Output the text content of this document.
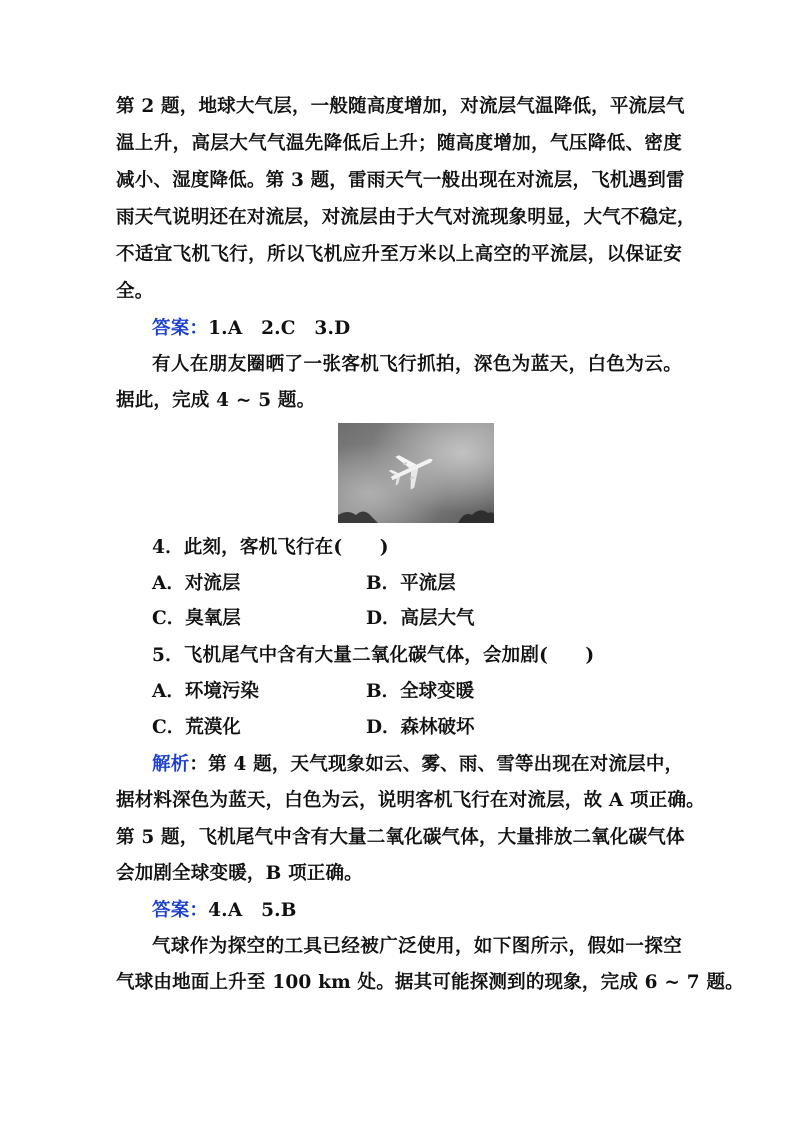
第 2 题，地球大气层，一般随高度增加，对流层气温降低，平流层气
温上升，高层大气气温先降低后上升；随高度增加，气压降低、密度
减小、湿度降低。第 3 题，雷雨天气一般出现在对流层，飞机遇到雷
雨天气说明还在对流层，对流层由于大气对流现象明显，大气不稳定，
不适宜飞机飞行，所以飞机应升至万米以上高空的平流层，以保证安
全。
答案：1.A　2.C　3.D
有人在朋友圈晒了一张客机飞行抓拍，深色为蓝天，白色为云。
据此，完成 4 ~ 5 题。
4．此刻，客机飞行在(　　)
A．对流层	B．平流层
C．臭氧层	D．高层大气
5．飞机尾气中含有大量二氧化碳气体，会加剧(　　)
A．环境污染	B．全球变暖
C．荒漠化	D．森林破坏
解析：第 4 题，天气现象如云、雾、雨、雪等出现在对流层中，
据材料深色为蓝天，白色为云，说明客机飞行在对流层，故 A 项正确。
第 5 题，飞机尾气中含有大量二氧化碳气体，大量排放二氧化碳气体
会加剧全球变暖，B 项正确。
答案：4.A　5.B
气球作为探空的工具已经被广泛使用，如下图所示，假如一探空
气球由地面上升至 100 km 处。据其可能探测到的现象，完成 6 ~ 7 题。
